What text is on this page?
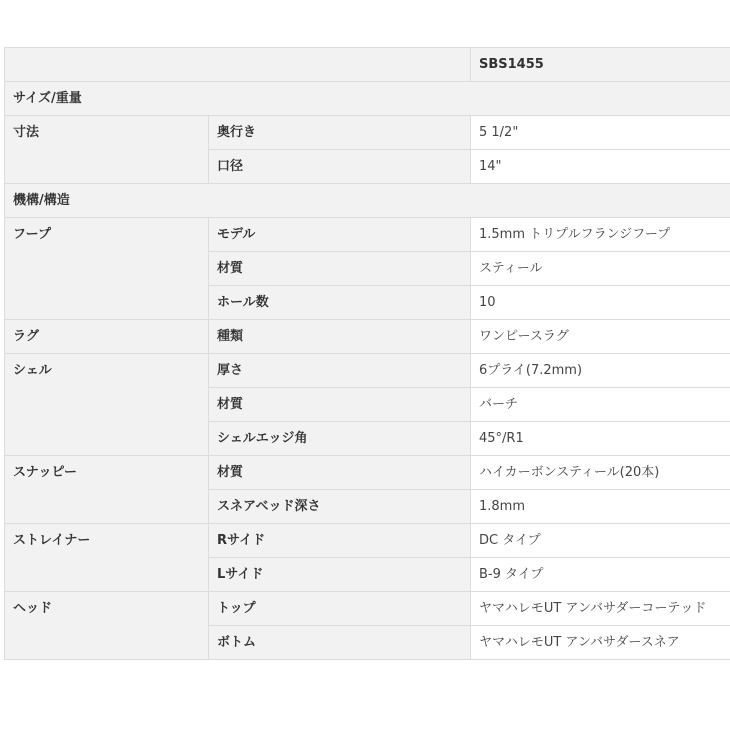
		SBS1455
サイズ/重量		
寸法	奥行き	5 1/2"
	口径	14"
機構/構造		
フープ	モデル	1.5mm トリプルフランジフープ
	材質	スティール
	ホール数	10
ラグ	種類	ワンピースラグ
シェル	厚さ	6プライ(7.2mm)
	材質	バーチ
	シェルエッジ角	45°/R1
スナッピー	材質	ハイカーボンスティール(20本)
	スネアベッド深さ	1.8mm
ストレイナー	Rサイド	DC タイプ
	Lサイド	B-9 タイプ
ヘッド	トップ	ヤマハレモUT アンバサダーコーテッド
	ボトム	ヤマハレモUT アンバサダースネア
